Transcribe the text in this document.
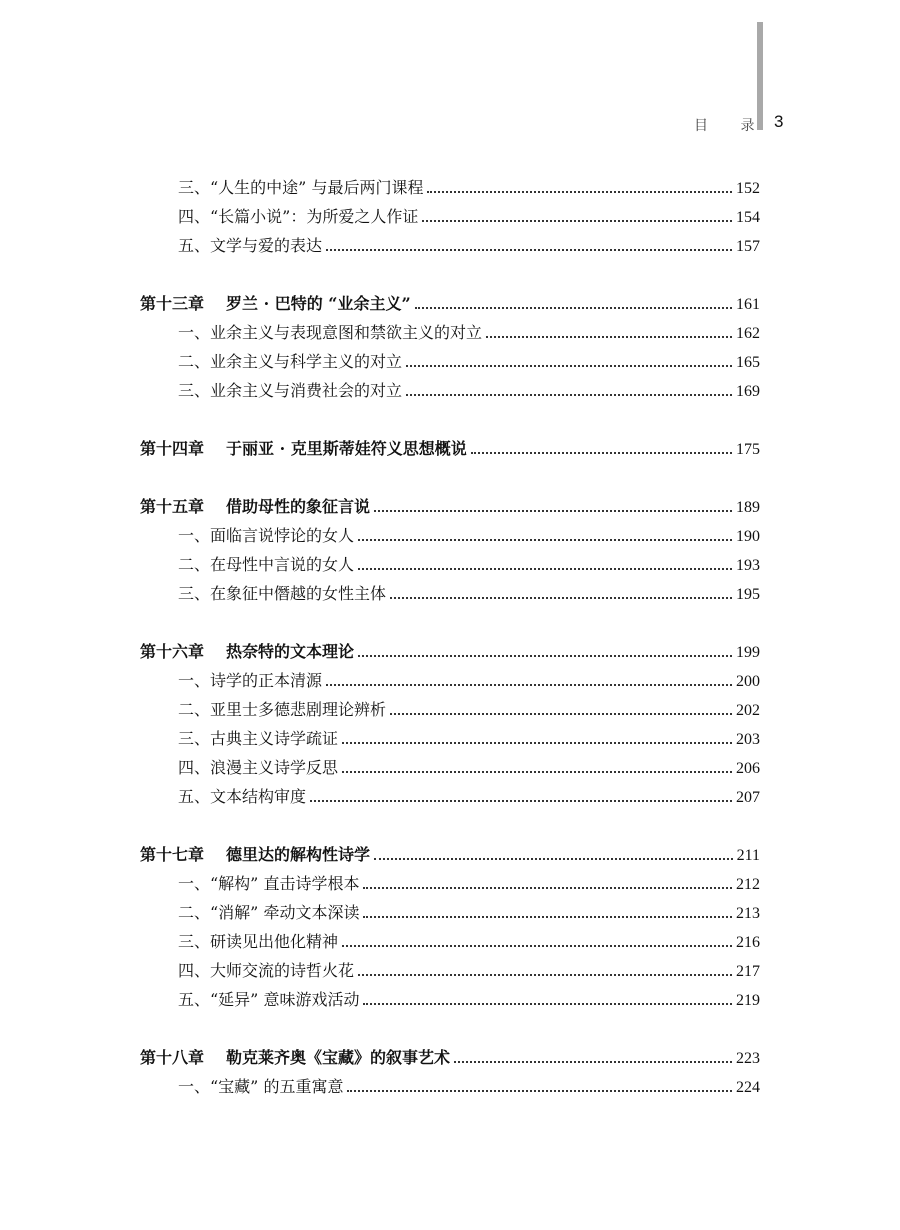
目 录 3
三、“人生的中途” 与最后两门课程	152
四、“长篇小说”：为所爱之人作证	154
五、文学与爱的表达	157
第十三章 罗兰 · 巴特的 “业余主义”	161
一、业余主义与表现意图和禁欲主义的对立	162
二、业余主义与科学主义的对立	165
三、业余主义与消费社会的对立	169
第十四章 于丽亚 · 克里斯蒂娃符义思想概说	175
第十五章 借助母性的象征言说	189
一、面临言说悖论的女人	190
二、在母性中言说的女人	193
三、在象征中僭越的女性主体	195
第十六章 热奈特的文本理论	199
一、诗学的正本清源	200
二、亚里士多德悲剧理论辨析	202
三、古典主义诗学疏证	203
四、浪漫主义诗学反思	206
五、文本结构审度	207
第十七章 德里达的解构性诗学	211
一、“解构” 直击诗学根本	212
二、“消解” 牵动文本深读	213
三、研读见出他化精神	216
四、大师交流的诗哲火花	217
五、“延异” 意味游戏活动	219
第十八章 勒克莱齐奥《宝藏》的叙事艺术	223
一、“宝藏” 的五重寓意	224
